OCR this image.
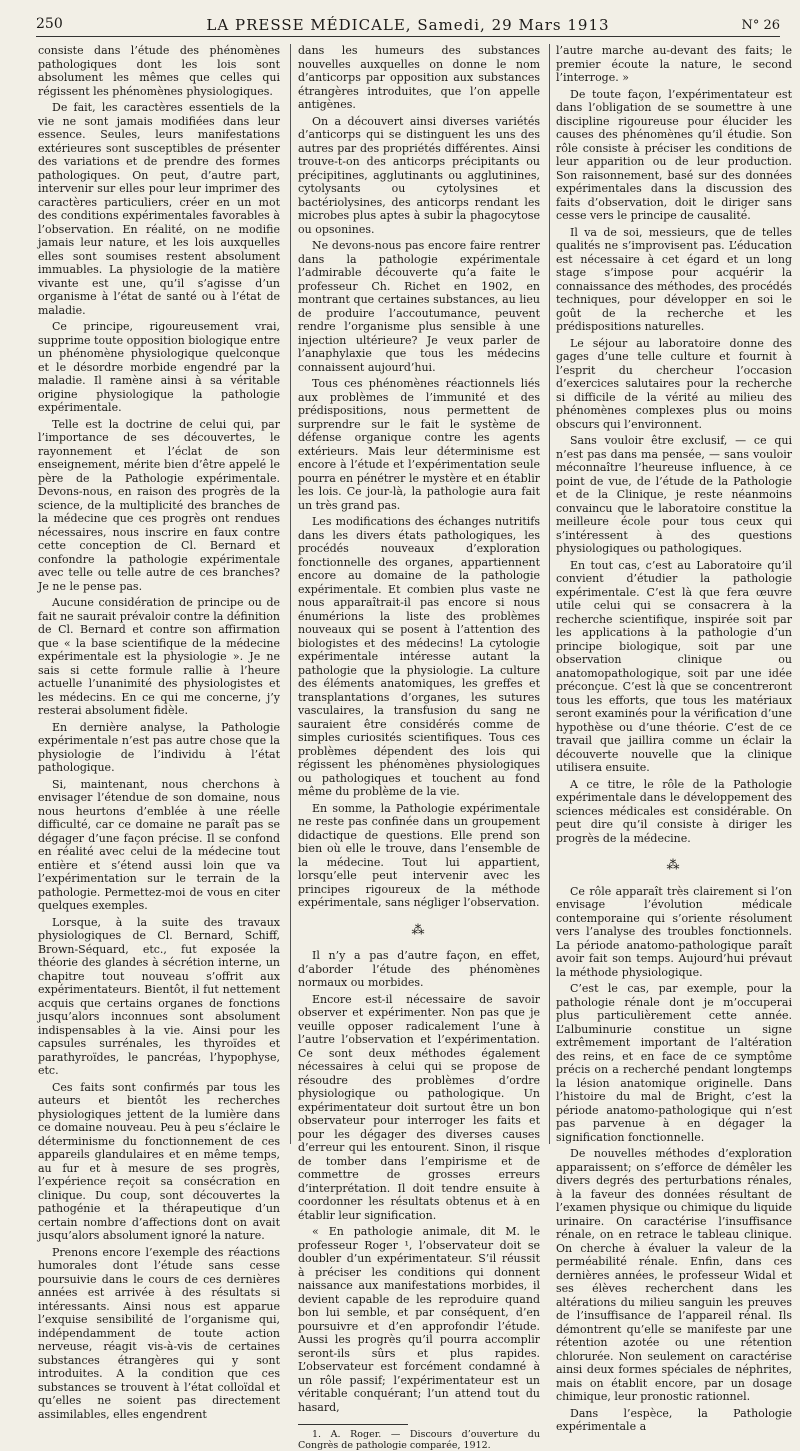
250	LA PRESSE MÉDICALE, Samedi, 29 Mars 1913	N° 26

consiste dans l’étude des phénomènes pathologiques dont les lois sont absolument les mêmes que celles qui régissent les phénomènes physiologiques.

De fait, les caractères essentiels de la vie ne sont jamais modifiées dans leur essence. Seules, leurs manifestations extérieures sont susceptibles de présenter des variations et de prendre des formes pathologiques. On peut, d’autre part, intervenir sur elles pour leur imprimer des caractères particuliers, créer en un mot des conditions expérimentales favorables à l’observation. En réalité, on ne modifie jamais leur nature, et les lois auxquelles elles sont soumises restent absolument immuables. La physiologie de la matière vivante est une, qu’il s’agisse d’un organisme à l’état de santé ou à l’état de maladie.

Ce principe, rigoureusement vrai, supprime toute opposition biologique entre un phénomène physiologique quelconque et le désordre morbide engendré par la maladie. Il ramène ainsi à sa véritable origine physiologique la pathologie expérimentale.

Telle est la doctrine de celui qui, par l’importance de ses découvertes, le rayonnement et l’éclat de son enseignement, mérite bien d’être appelé le père de la Pathologie expérimentale. Devons-nous, en raison des progrès de la science, de la multiplicité des branches de la médecine que ces progrès ont rendues nécessaires, nous inscrire en faux contre cette conception de Cl. Bernard et confondre la pathologie expérimentale avec telle ou telle autre de ces branches? Je ne le pense pas.

Aucune considération de principe ou de fait ne saurait prévaloir contre la définition de Cl. Bernard et contre son affirmation que « la base scientifique de la médecine expérimentale est la physiologie ». Je ne sais si cette formule rallie à l’heure actuelle l’unanimité des physiologistes et les médecins. En ce qui me concerne, j’y resterai absolument fidèle.

En dernière analyse, la Pathologie expérimentale n’est pas autre chose que la physiologie de l’individu à l’état pathologique.

Si, maintenant, nous cherchons à envisager l’étendue de son domaine, nous nous heurtons d’emblée à une réelle difficulté, car ce domaine ne paraît pas se dégager d’une façon précise. Il se confond en réalité avec celui de la médecine tout entière et s’étend aussi loin que va l’expérimentation sur le terrain de la pathologie. Permettez-moi de vous en citer quelques exemples.

Lorsque, à la suite des travaux physiologiques de Cl. Bernard, Schiff, Brown-Séquard, etc., fut exposée la théorie des glandes à sécrétion interne, un chapitre tout nouveau s’offrit aux expérimentateurs. Bientôt, il fut nettement acquis que certains organes de fonctions jusqu’alors inconnues sont absolument indispensables à la vie. Ainsi pour les capsules surrénales, les thyroïdes et parathyroïdes, le pancréas, l’hypophyse, etc.

Ces faits sont confirmés par tous les auteurs et bientôt les recherches physiologiques jettent de la lumière dans ce domaine nouveau. Peu à peu s’éclaire le déterminisme du fonctionnement de ces appareils glandulaires et en même temps, au fur et à mesure de ses progrès, l’expérience reçoit sa consécration en clinique. Du coup, sont découvertes la pathogénie et la thérapeutique d’un certain nombre d’affections dont on avait jusqu’alors absolument ignoré la nature.

Prenons encore l’exemple des réactions humorales dont l’étude sans cesse poursuivie dans le cours de ces dernières années est arrivée à des résultats si intéressants. Ainsi nous est apparue l’exquise sensibilité de l’organisme qui, indépendamment de toute action nerveuse, réagit vis-à-vis de certaines substances étrangères qui y sont introduites. A la condition que ces substances se trouvent à l’état colloïdal et qu’elles ne soient pas directement assimilables, elles engendrent

dans les humeurs des substances nouvelles auxquelles on donne le nom d’anticorps par opposition aux substances étrangères introduites, que l’on appelle antigènes.

On a découvert ainsi diverses variétés d’anticorps qui se distinguent les uns des autres par des propriétés différentes. Ainsi trouve-t-on des anticorps précipitants ou précipitines, agglutinants ou agglutinines, cytolysants ou cytolysines et bactériolysines, des anticorps rendant les microbes plus aptes à subir la phagocytose ou opsonines.

Ne devons-nous pas encore faire rentrer dans la pathologie expérimentale l’admirable découverte qu’a faite le professeur Ch. Richet en 1902, en montrant que certaines substances, au lieu de produire l’accoutumance, peuvent rendre l’organisme plus sensible à une injection ultérieure? Je veux parler de l’anaphylaxie que tous les médecins connaissent aujourd’hui.

Tous ces phénomènes réactionnels liés aux problèmes de l’immunité et des prédispositions, nous permettent de surprendre sur le fait le système de défense organique contre les agents extérieurs. Mais leur déterminisme est encore à l’étude et l’expérimentation seule pourra en pénétrer le mystère et en établir les lois. Ce jour-là, la pathologie aura fait un très grand pas.

Les modifications des échanges nutritifs dans les divers états pathologiques, les procédés nouveaux d’exploration fonctionnelle des organes, appartiennent encore au domaine de la pathologie expérimentale. Et combien plus vaste ne nous apparaîtrait-il pas encore si nous énumérions la liste des problèmes nouveaux qui se posent à l’attention des biologistes et des médecins! La cytologie expérimentale intéresse autant la pathologie que la physiologie. La culture des éléments anatomiques, les greffes et transplantations d’organes, les sutures vasculaires, la transfusion du sang ne sauraient être considérés comme de simples curiosités scientifiques. Tous ces problèmes dépendent des lois qui régissent les phénomènes physiologiques ou pathologiques et touchent au fond même du problème de la vie.

En somme, la Pathologie expérimentale ne reste pas confinée dans un groupement didactique de questions. Elle prend son bien où elle le trouve, dans l’ensemble de la médecine. Tout lui appartient, lorsqu’elle peut intervenir avec les principes rigoureux de la méthode expérimentale, sans négliger l’observation.

⁂

Il n’y a pas d’autre façon, en effet, d’aborder l’étude des phénomènes normaux ou morbides.

Encore est-il nécessaire de savoir observer et expérimenter. Non pas que je veuille opposer radicalement l’une à l’autre l’observation et l’expérimentation. Ce sont deux méthodes également nécessaires à celui qui se propose de résoudre des problèmes d’ordre physiologique ou pathologique. Un expérimentateur doit surtout être un bon observateur pour interroger les faits et pour les dégager des diverses causes d’erreur qui les entourent. Sinon, il risque de tomber dans l’empirisme et de commettre de grosses erreurs d’interprétation. Il doit tendre ensuite à coordonner les résultats obtenus et à en établir leur signification.

« En pathologie animale, dit M. le professeur Roger ¹, l’observateur doit se doubler d’un expérimentateur. S’il réussit à préciser les conditions qui donnent naissance aux manifestations morbides, il devient capable de les reproduire quand bon lui semble, et par conséquent, d’en poursuivre et d’en approfondir l’étude. Aussi les progrès qu’il pourra accomplir seront-ils sûrs et plus rapides. L’observateur est forcément condamné à un rôle passif; l’expérimentateur est un véritable conquérant; l’un attend tout du hasard,

1. A. Roger. — Discours d’ouverture du Congrès de pathologie comparée, 1912.

l’autre marche au-devant des faits; le premier écoute la nature, le second l’interroge. »

De toute façon, l’expérimentateur est dans l’obligation de se soumettre à une discipline rigoureuse pour élucider les causes des phénomènes qu’il étudie. Son rôle consiste à préciser les conditions de leur apparition ou de leur production. Son raisonnement, basé sur des données expérimentales dans la discussion des faits d’observation, doit le diriger sans cesse vers le principe de causalité.

Il va de soi, messieurs, que de telles qualités ne s’improvisent pas. L’éducation est nécessaire à cet égard et un long stage s’impose pour acquérir la connaissance des méthodes, des procédés techniques, pour développer en soi le goût de la recherche et les prédispositions naturelles.

Le séjour au laboratoire donne des gages d’une telle culture et fournit à l’esprit du chercheur l’occasion d’exercices salutaires pour la recherche si difficile de la vérité au milieu des phénomènes complexes plus ou moins obscurs qui l’environnent.

Sans vouloir être exclusif, — ce qui n’est pas dans ma pensée, — sans vouloir méconnaître l’heureuse influence, à ce point de vue, de l’étude de la Pathologie et de la Clinique, je reste néanmoins convaincu que le laboratoire constitue la meilleure école pour tous ceux qui s’intéressent à des questions physiologiques ou pathologiques.

En tout cas, c’est au Laboratoire qu’il convient d’étudier la pathologie expérimentale. C’est là que fera œuvre utile celui qui se consacrera à la recherche scientifique, inspirée soit par les applications à la pathologie d’un principe biologique, soit par une observation clinique ou anatomopathologique, soit par une idée préconçue. C’est là que se concentreront tous les efforts, que tous les matériaux seront examinés pour la vérification d’une hypothèse ou d’une théorie. C’est de ce travail que jaillira comme un éclair la découverte nouvelle que la clinique utilisera ensuite.

A ce titre, le rôle de la Pathologie expérimentale dans le développement des sciences médicales est considérable. On peut dire qu’il consiste à diriger les progrès de la médecine.

⁂

Ce rôle apparaît très clairement si l’on envisage l’évolution médicale contemporaine qui s’oriente résolument vers l’analyse des troubles fonctionnels. La période anatomo-pathologique paraît avoir fait son temps. Aujourd’hui prévaut la méthode physiologique.

C’est le cas, par exemple, pour la pathologie rénale dont je m’occuperai plus particulièrement cette année. L’albuminurie constitue un signe extrêmement important de l’altération des reins, et en face de ce symptôme précis on a recherché pendant longtemps la lésion anatomique originelle. Dans l’histoire du mal de Bright, c’est la période anatomo-pathologique qui n’est pas parvenue à en dégager la signification fonctionnelle.

De nouvelles méthodes d’exploration apparaissent; on s’efforce de démêler les divers degrés des perturbations rénales, à la faveur des données résultant de l’examen physique ou chimique du liquide urinaire. On caractérise l’insuffisance rénale, on en retrace le tableau clinique. On cherche à évaluer la valeur de la perméabilité rénale. Enfin, dans ces dernières années, le professeur Widal et ses élèves recherchent dans les altérations du milieu sanguin les preuves de l’insuffisance de l’appareil rénal. Ils démontrent qu’elle se manifeste par une rétention azotée ou une rétention chlorurée. Non seulement on caractérise ainsi deux formes spéciales de néphrites, mais on établit encore, par un dosage chimique, leur pronostic rationnel.

Dans l’espèce, la Pathologie expérimentale a
